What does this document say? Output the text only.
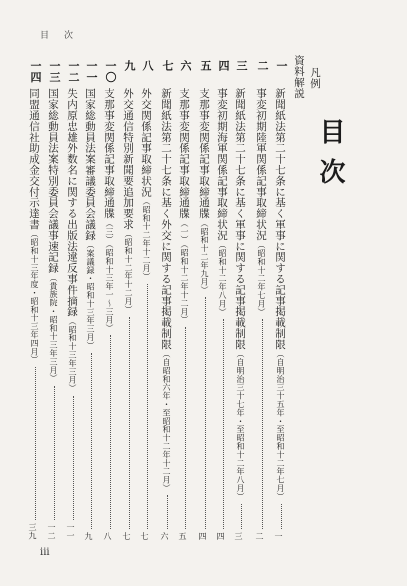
目　次
目次
凡例
資料解説
一
新聞紙法第二十七条に基く軍事に関する記事掲載制限（自明治三十五年・至昭和十二年七月）
一
二
事変初期陸軍関係記事取締状況（昭和十二年七月）
二
三
新聞紙法第二十七条に基く軍事に関する記事掲載制限（自明治三十七年・至昭和十二年八月）
三
四
事変初期海軍関係記事取締状況（昭和十二年八月）
四
五
支那事変関係記事取締通牒（昭和十二年九月）
四
六
支那事変関係記事取締通牒（一）（昭和十二年十二月）
五
七
新聞紙法第二十七条に基く外交に関する記事掲載制限（自昭和六年・至昭和十二年十二月）
六
八
外交関係記事取締状況（昭和十二年十二月）
七
九
外交通信特別新聞要追加要求（昭和十二年十二月）
七
一〇
支那事変関係記事取締通牒（三）（昭和十三年一〜三月）
八
一一
国家総動員法案審議委員会議録（案議録・昭和十三年三月）
九
一二
失内原忠雄外数名に関する出版法違反事件摘録（昭和十三年三月）
一一
一三
国家総動員法案特別委員会議事速記録（貴族院・昭和十三年三月）
一二
一四
同盟通信社助成金交付示達書（昭和十三年度・昭和十三年四月）
三九
iii
